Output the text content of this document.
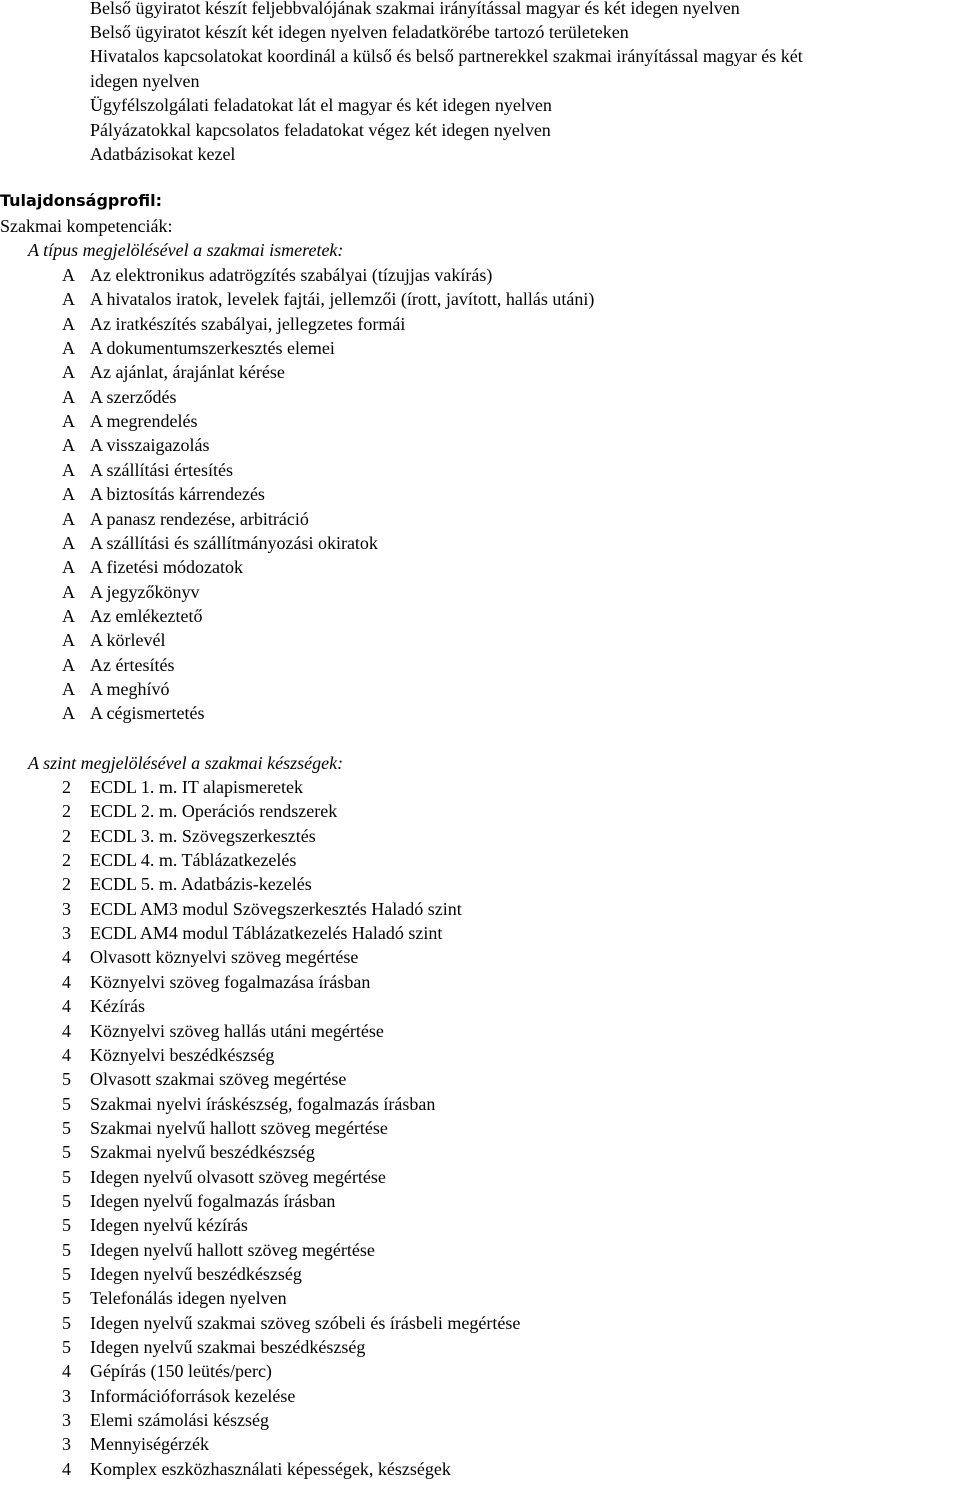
Belső ügyiratot készít feljebbvalójának szakmai irányítással magyar és két idegen nyelven
Belső ügyiratot készít két idegen nyelven feladatkörébe tartozó területeken
Hivatalos kapcsolatokat koordinál a külső és belső partnerekkel szakmai irányítással magyar és két
idegen nyelven
Ügyfélszolgálati feladatokat lát el magyar és két idegen nyelven
Pályázatokkal kapcsolatos feladatokat végez két idegen nyelven
Adatbázisokat kezel
Tulajdonságprofil:
Szakmai kompetenciák:
A típus megjelölésével a szakmai ismeretek:
A Az elektronikus adatrögzítés szabályai (tízujjas vakírás)
A A hivatalos iratok, levelek fajtái, jellemzői (írott, javított, hallás utáni)
A Az iratkészítés szabályai, jellegzetes formái
A A dokumentumszerkesztés elemei
A Az ajánlat, árajánlat kérése
A A szerződés
A A megrendelés
A A visszaigazolás
A A szállítási értesítés
A A biztosítás kárrendezés
A A panasz rendezése, arbitráció
A A szállítási és szállítmányozási okiratok
A A fizetési módozatok
A A jegyzőkönyv
A Az emlékeztető
A A körlevél
A Az értesítés
A A meghívó
A A cégismertetés
A szint megjelölésével a szakmai készségek:
2 ECDL 1. m. IT alapismeretek
2 ECDL 2. m. Operációs rendszerek
2 ECDL 3. m. Szövegszerkesztés
2 ECDL 4. m. Táblázatkezelés
2 ECDL 5. m. Adatbázis-kezelés
3 ECDL AM3 modul Szövegszerkesztés Haladó szint
3 ECDL AM4 modul Táblázatkezelés Haladó szint
4 Olvasott köznyelvi szöveg megértése
4 Köznyelvi szöveg fogalmazása írásban
4 Kézírás
4 Köznyelvi szöveg hallás utáni megértése
4 Köznyelvi beszédkészség
5 Olvasott szakmai szöveg megértése
5 Szakmai nyelvi íráskészség, fogalmazás írásban
5 Szakmai nyelvű hallott szöveg megértése
5 Szakmai nyelvű beszédkészség
5 Idegen nyelvű olvasott szöveg megértése
5 Idegen nyelvű fogalmazás írásban
5 Idegen nyelvű kézírás
5 Idegen nyelvű hallott szöveg megértése
5 Idegen nyelvű beszédkészség
5 Telefonálás idegen nyelven
5 Idegen nyelvű szakmai szöveg szóbeli és írásbeli megértése
5 Idegen nyelvű szakmai beszédkészség
4 Gépírás (150 leütés/perc)
3 Információforrások kezelése
3 Elemi számolási készség
3 Mennyiségérzék
4 Komplex eszközhasználati képességek, készségek
